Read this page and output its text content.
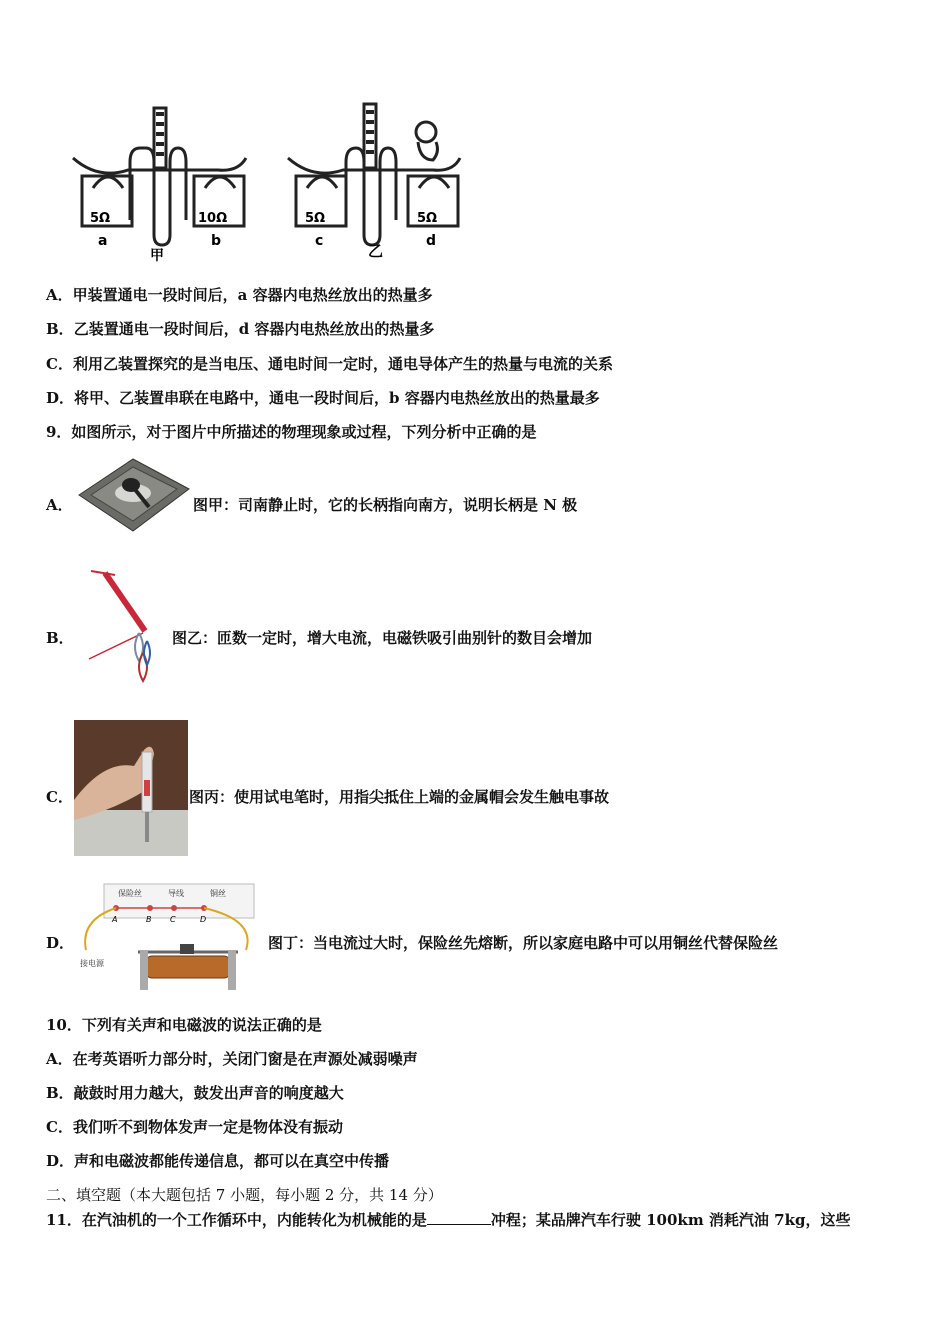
5Ω	10Ω
a	b
甲
5Ω	5Ω
c	d
乙
A．甲装置通电一段时间后，a 容器内电热丝放出的热量多
B．乙装置通电一段时间后，d 容器内电热丝放出的热量多
C．利用乙装置探究的是当电压、通电时间一定时，通电导体产生的热量与电流的关系
D．将甲、乙装置串联在电路中，通电一段时间后，b 容器内电热丝放出的热量最多
9．如图所示，对于图片中所描述的物理现象或过程，下列分析中正确的是
A．	图甲：司南静止时，它的长柄指向南方，说明长柄是 N 极
B．	图乙：匝数一定时，增大电流，电磁铁吸引曲别针的数目会增加
C．	图丙：使用试电笔时，用指尖抵住上端的金属帽会发生触电事故
D．
保险丝	导线	铜丝
A	B C	D
接电源
图丁：当电流过大时，保险丝先熔断，所以家庭电路中可以用铜丝代替保险丝
10．下列有关声和电磁波的说法正确的是
A．在考英语听力部分时，关闭门窗是在声源处减弱噪声
B．敲鼓时用力越大，鼓发出声音的响度越大
C．我们听不到物体发声一定是物体没有振动
D．声和电磁波都能传递信息，都可以在真空中传播
二、填空题（本大题包括 7 小题，每小题 2 分，共 14 分）
11．在汽油机的一个工作循环中，内能转化为机械能的是	冲程；某品牌汽车行驶 100km 消耗汽油 7kg，这些
